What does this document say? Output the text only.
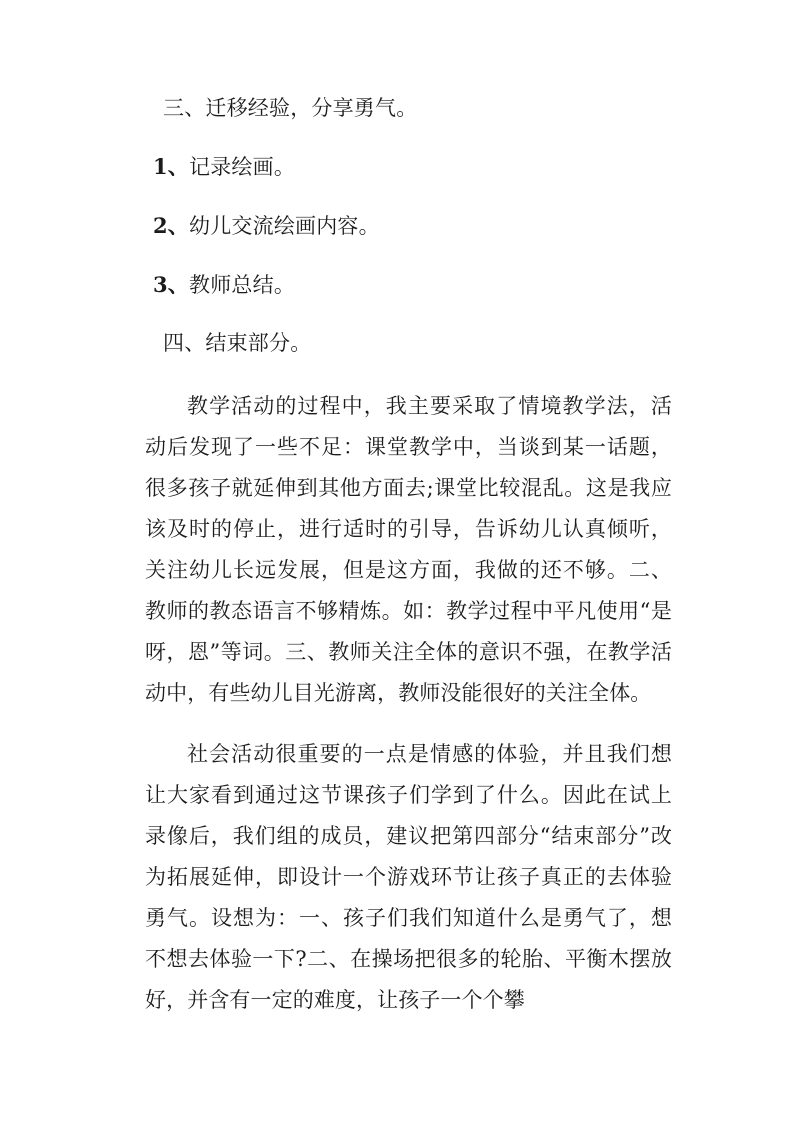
三、迁移经验，分享勇气。
1、记录绘画。
2、幼儿交流绘画内容。
3、教师总结。
四、结束部分。

教学活动的过程中，我主要采取了情境教学法，活动后发现了一些不足：课堂教学中，当谈到某一话题，很多孩子就延伸到其他方面去;课堂比较混乱。这是我应该及时的停止，进行适时的引导，告诉幼儿认真倾听，关注幼儿长远发展，但是这方面，我做的还不够。二、教师的教态语言不够精炼。如：教学过程中平凡使用“是呀，恩”等词。三、教师关注全体的意识不强，在教学活动中，有些幼儿目光游离，教师没能很好的关注全体。

社会活动很重要的一点是情感的体验，并且我们想让大家看到通过这节课孩子们学到了什么。因此在试上录像后，我们组的成员，建议把第四部分“结束部分”改为拓展延伸，即设计一个游戏环节让孩子真正的去体验勇气。设想为：一、孩子们我们知道什么是勇气了，想不想去体验一下?二、在操场把很多的轮胎、平衡木摆放好，并含有一定的难度，让孩子一个个攀
